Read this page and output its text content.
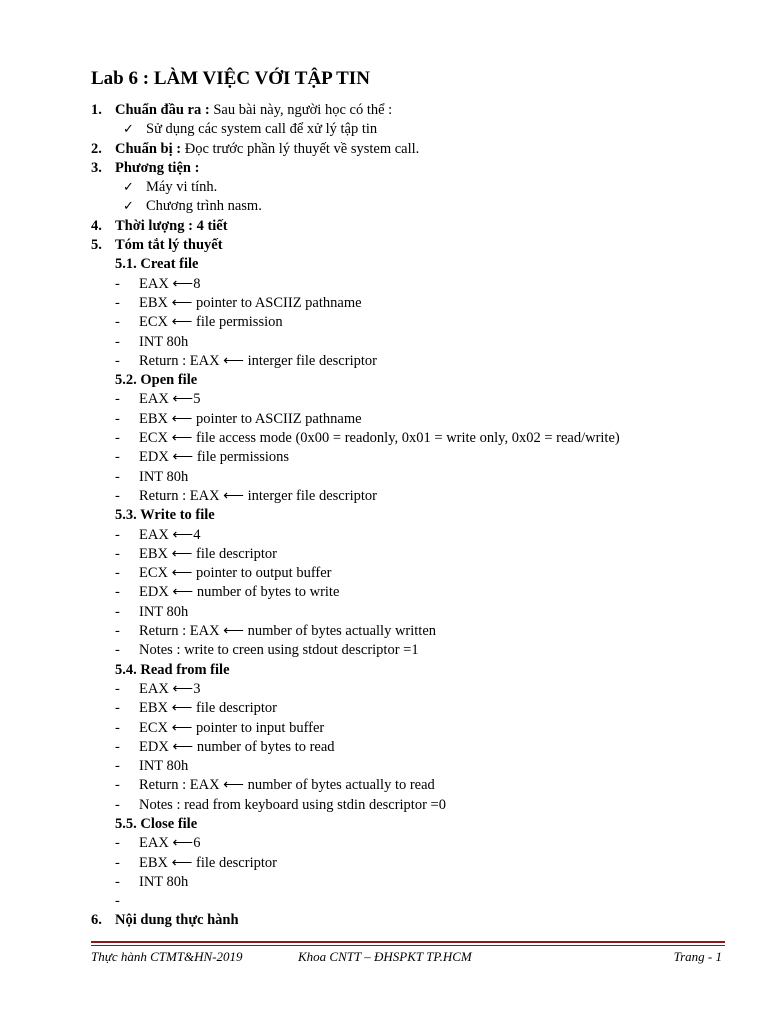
Lab 6 : LÀM VIỆC VỚI TẬP TIN
1. Chuẩn đầu ra : Sau bài này, người học có thể :
✓ Sử dụng các system call để xử lý tập tin
2. Chuẩn bị : Đọc trước phần lý thuyết về system call.
3. Phương tiện :
✓ Máy vi tính.
✓ Chương trình nasm.
4. Thời lượng : 4 tiết
5. Tóm tắt lý thuyết
5.1. Creat file
- EAX ⟵8
- EBX ⟵ pointer to ASCIIZ pathname
- ECX ⟵ file permission
- INT 80h
- Return : EAX ⟵ interger file descriptor
5.2. Open file
- EAX ⟵5
- EBX ⟵ pointer to ASCIIZ pathname
- ECX ⟵ file access mode (0x00 = readonly, 0x01 = write only, 0x02 = read/write)
- EDX ⟵ file permissions
- INT 80h
- Return : EAX ⟵ interger file descriptor
5.3. Write to file
- EAX ⟵4
- EBX ⟵ file descriptor
- ECX ⟵ pointer to output buffer
- EDX ⟵ number of bytes to write
- INT 80h
- Return : EAX ⟵ number of bytes actually written
- Notes : write to creen using stdout descriptor =1
5.4. Read from file
- EAX ⟵3
- EBX ⟵ file descriptor
- ECX ⟵ pointer to input buffer
- EDX ⟵ number of bytes to read
- INT 80h
- Return : EAX ⟵ number of bytes actually to read
- Notes : read from keyboard using stdin descriptor =0
5.5. Close file
- EAX ⟵6
- EBX ⟵ file descriptor
- INT 80h
-
6. Nội dung thực hành
Thực hành CTMT&HN-2019	Khoa CNTT – ĐHSPKT TP.HCM	Trang - 1
